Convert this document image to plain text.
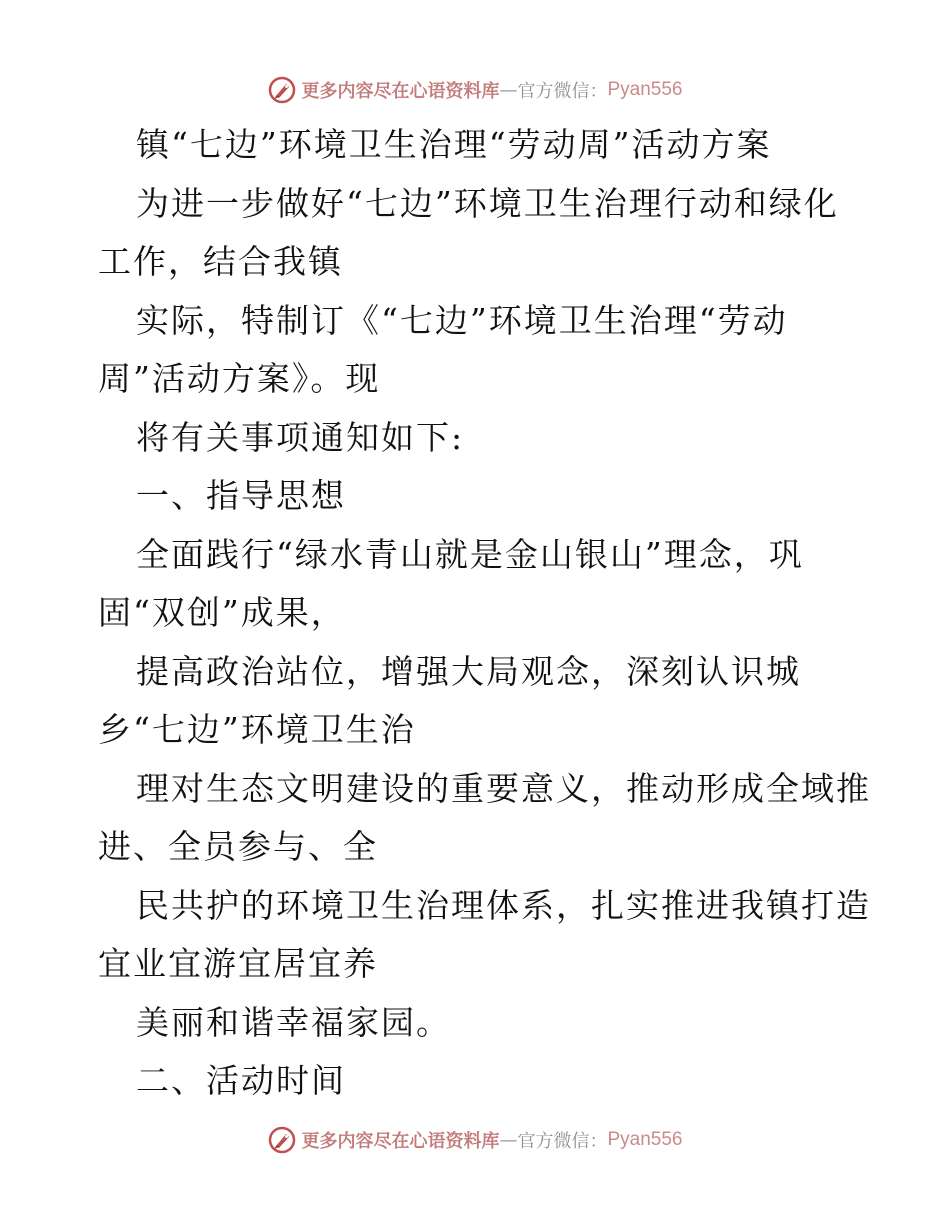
更多内容尽在心语资料库 — 官方微信： Pyan556
镇“七边”环境卫生治理“劳动周”活动方案
为进一步做好“七边”环境卫生治理行动和绿化
工作，结合我镇
实际，特制订《“七边”环境卫生治理“劳动
周”活动方案》。现
将有关事项通知如下:
一、指导思想
全面践行“绿水青山就是金山银山”理念，巩
固“双创”成果，
提高政治站位，增强大局观念，深刻认识城
乡“七边”环境卫生治
理对生态文明建设的重要意义，推动形成全域推
进、全员参与、全
民共护的环境卫生治理体系，扎实推进我镇打造
宜业宜游宜居宜养
美丽和谐幸福家园。
二、活动时间
更多内容尽在心语资料库 — 官方微信： Pyan556
